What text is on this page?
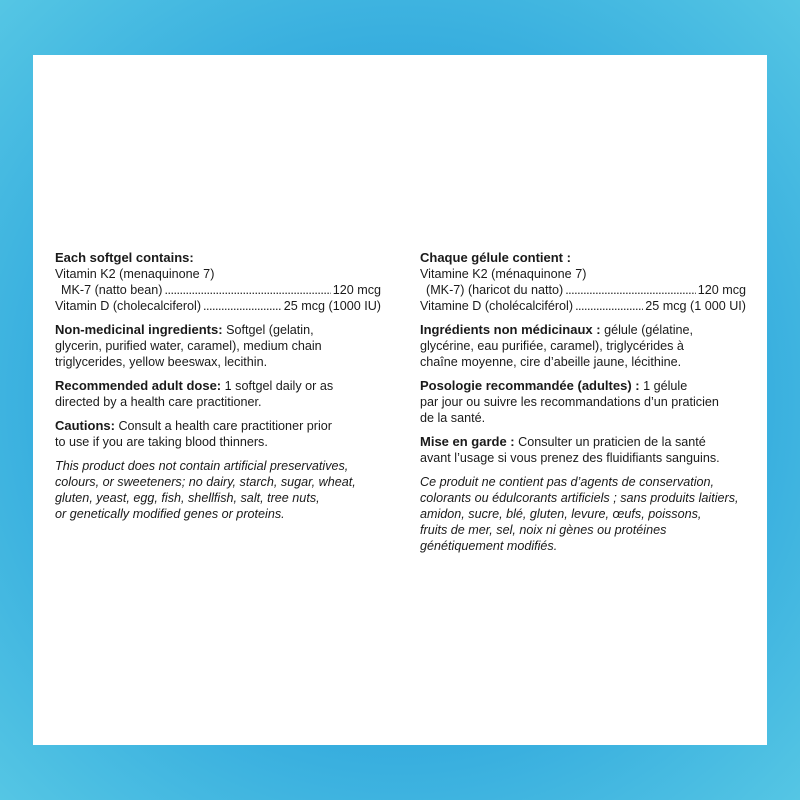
Each softgel contains:
Vitamin K2 (menaquinone 7)
MK-7 (natto bean) . . .	120 mcg
Vitamin D (cholecalciferol) . . .	25 mcg (1000 IU)
Non-medicinal ingredients: Softgel (gelatin,
glycerin, purified water, caramel), medium chain
triglycerides, yellow beeswax, lecithin.
Recommended adult dose: 1 softgel daily or as
directed by a health care practitioner.
Cautions: Consult a health care practitioner prior
to use if you are taking blood thinners.
This product does not contain artificial preservatives,
colours, or sweeteners; no dairy, starch, sugar, wheat,
gluten, yeast, egg, fish, shellfish, salt, tree nuts,
or genetically modified genes or proteins.
Chaque gélule contient :
Vitamine K2 (ménaquinone 7)
(MK-7) (haricot du natto) . . .	120 mcg
Vitamine D (cholécalciférol) . . .	25 mcg (1 000 UI)
Ingrédients non médicinaux : gélule (gélatine,
glycérine, eau purifiée, caramel), triglycérides à
chaîne moyenne, cire d’abeille jaune, lécithine.
Posologie recommandée (adultes) : 1 gélule
par jour ou suivre les recommandations d’un praticien
de la santé.
Mise en garde : Consulter un praticien de la santé
avant l’usage si vous prenez des fluidifiants sanguins.
Ce produit ne contient pas d’agents de conservation,
colorants ou édulcorants artificiels ; sans produits laitiers,
amidon, sucre, blé, gluten, levure, œufs, poissons,
fruits de mer, sel, noix ni gènes ou protéines
génétiquement modifiés.
